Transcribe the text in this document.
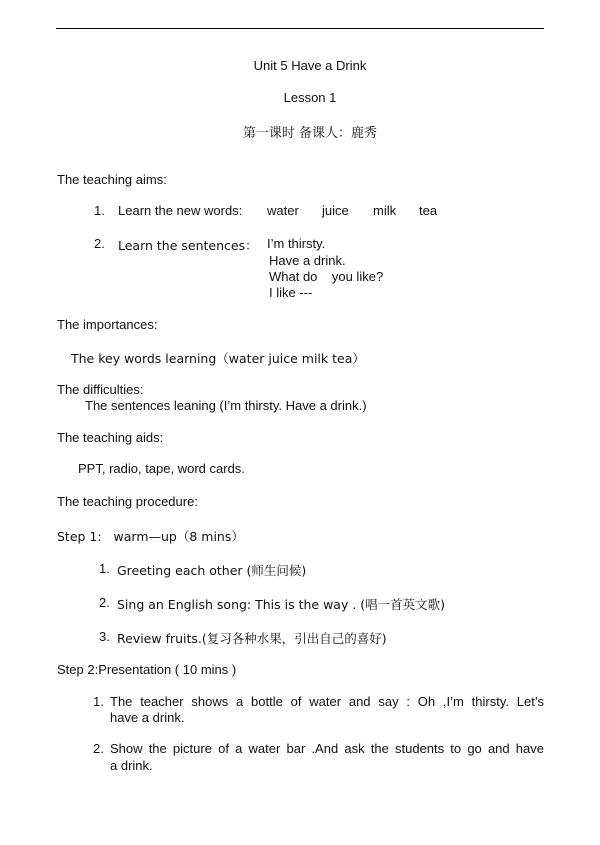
Unit 5 Have a Drink
Lesson 1
第一课时 备课人：鹿秀
The teaching aims:
1. Learn the new words: water juice milk tea
2. Learn the sentences： I’m thirsty.
Have a drink.
What do    you like?
I like ---
The importances:
The key words learning（water juice milk tea）
The difficulties:
The sentences leaning (I’m thirsty. Have a drink.)
The teaching aids:
PPT, radio, tape, word cards.
The teaching procedure:
Step 1:   warm—up（8 mins）
1. Greeting each other (师生问候)
2. Sing an English song: This is the way . (唱一首英文歌)
3. Review fruits.(复习各种水果，引出自己的喜好)
Step 2:Presentation ( 10 mins )
1. The teacher shows a bottle of water and say : Oh ,I’m thirsty. Let’s
have a drink.
2. Show the picture of a water bar .And ask the students to go and have
a drink.
